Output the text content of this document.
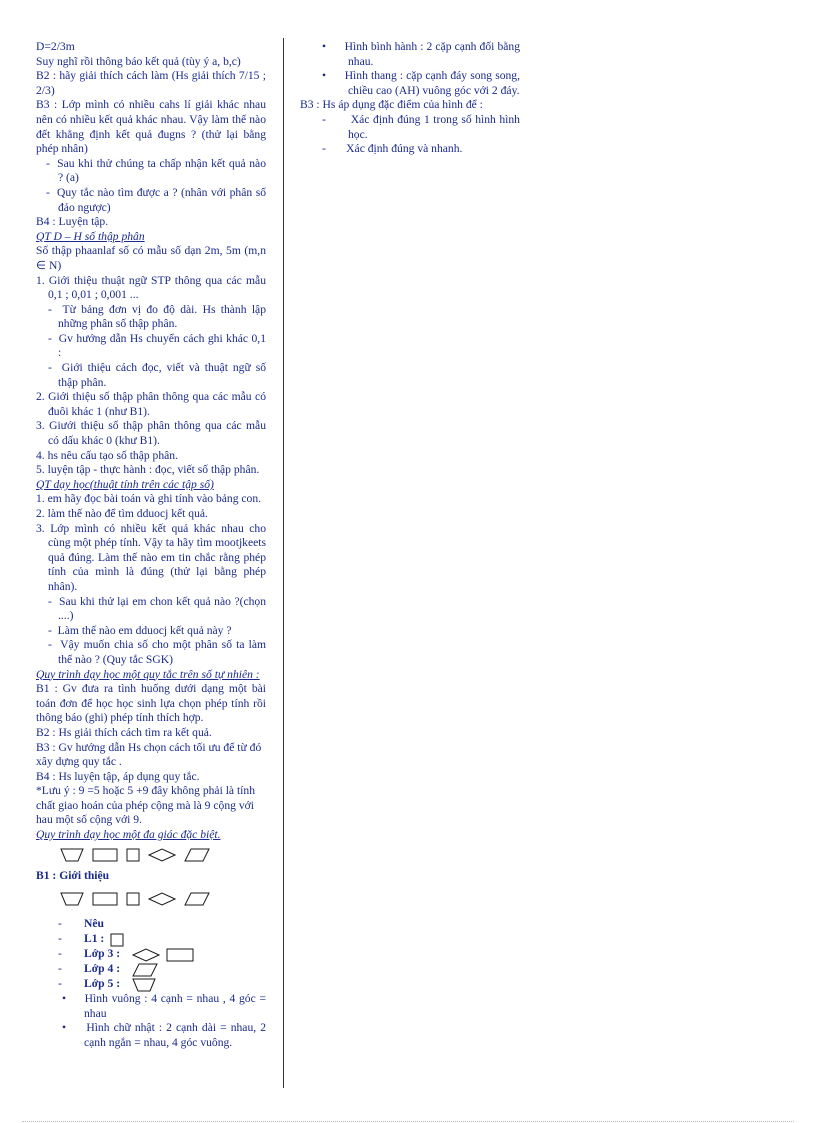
D=2/3m

Suy nghĩ rồi thông báo kết quả (tùy ý a, b,c)

B2 : hãy giải thích cách làm (Hs giải thích 7/15 ; 2/3)

B3 : Lớp mình có nhiều cahs lí giải khác nhau nên có nhiều kết quả khác nhau. Vậy làm thế nào đết khẳng định kết quả đugns ? (thử lại bằng phép nhân)

- Sau khi thử chúng ta chấp nhận kết quả nào ? (a)

- Quy tắc nào tìm được a ? (nhân với phân số đảo ngược)

B4 : Luyện tập.

QT D – H số thập phân

Số thập phaanlaf số có mẫu số dạn 2m, 5m (m,n ∈ N)

1. Giới thiệu thuật ngữ STP thông qua các mẫu 0,1 ; 0,01 ; 0,001 ...

- Từ bảng đơn vị đo độ dài. Hs thành lập những phân số thập phân.

- Gv hướng dẫn Hs chuyển cách ghi khác 0,1 :

- Giới thiệu cách đọc, viết và thuật ngữ số thập phân.

2. Giới thiệu số thập phân thông qua các mẫu có đuôi khác 1 (như B1).

3. Giưới thiệu số thập phân thông qua các mẫu có dấu khác 0 (khư B1).

4. hs nêu cấu tạo số thập phân.

5. luyện tập - thực hành : đọc, viết số thập phân.

QT dạy học(thuật tính trên các tập số)

1. em hãy đọc bài toán và ghi tính vào bảng con.

2. làm thế nào để tìm dduocj kết quả.

3. Lớp mình có nhiều kết quả khác nhau cho cùng một phép tính. Vậy ta hãy tìm mootjkeets quả đúng. Làm thế nào em tin chắc rằng phép tính của mình là đúng (thử lại bằng phép nhân).

- Sau khi thử lại em chon kết quả nào ?(chọn ....)

- Làm thế nào em dduocj kết quả này ?

- Vậy muốn chia số cho một phân số ta làm thế nào ? (Quy tắc SGK)

Quy trình dạy học một quy tắc trên số tự nhiên :

B1 : Gv đưa ra tình huống dưới dạng một bài toán đơn để học học sinh lựa chọn phép tính rồi thông báo (ghi) phép tính thích hợp.

B2 : Hs giải thích cách tìm ra kết quả.

B3 : Gv hướng dẫn Hs chọn cách tối ưu để từ đó xây dựng quy tắc .

B4 : Hs luyện tập, áp dụng quy tắc.

*Lưu ý : 9 =5 hoặc 5 +9 đây không phải là tính chất giao hoán của phép cộng mà là 9 cộng với hau một số cộng với 9.

Quy trình dạy học một đa giác đặc biệt.

B1 : Giới thiệu

-	Nêu
-	L1 :
-	Lớp 3 :
-	Lớp 4 :
-	Lớp 5 :

• Hình vuông : 4 cạnh = nhau , 4 góc = nhau

• Hình chữ nhật : 2 cạnh dài = nhau, 2 cạnh ngắn = nhau, 4 góc vuông.

• Hình bình hành : 2 cặp cạnh đối bằng nhau.

• Hình thang : cặp cạnh đáy song song, chiều cao (AH) vuông góc với 2 đáy.

B3 : Hs áp dụng đặc điểm của hình để :

- Xác định đúng 1 trong số hình hình học.

- Xác định đúng và nhanh.
